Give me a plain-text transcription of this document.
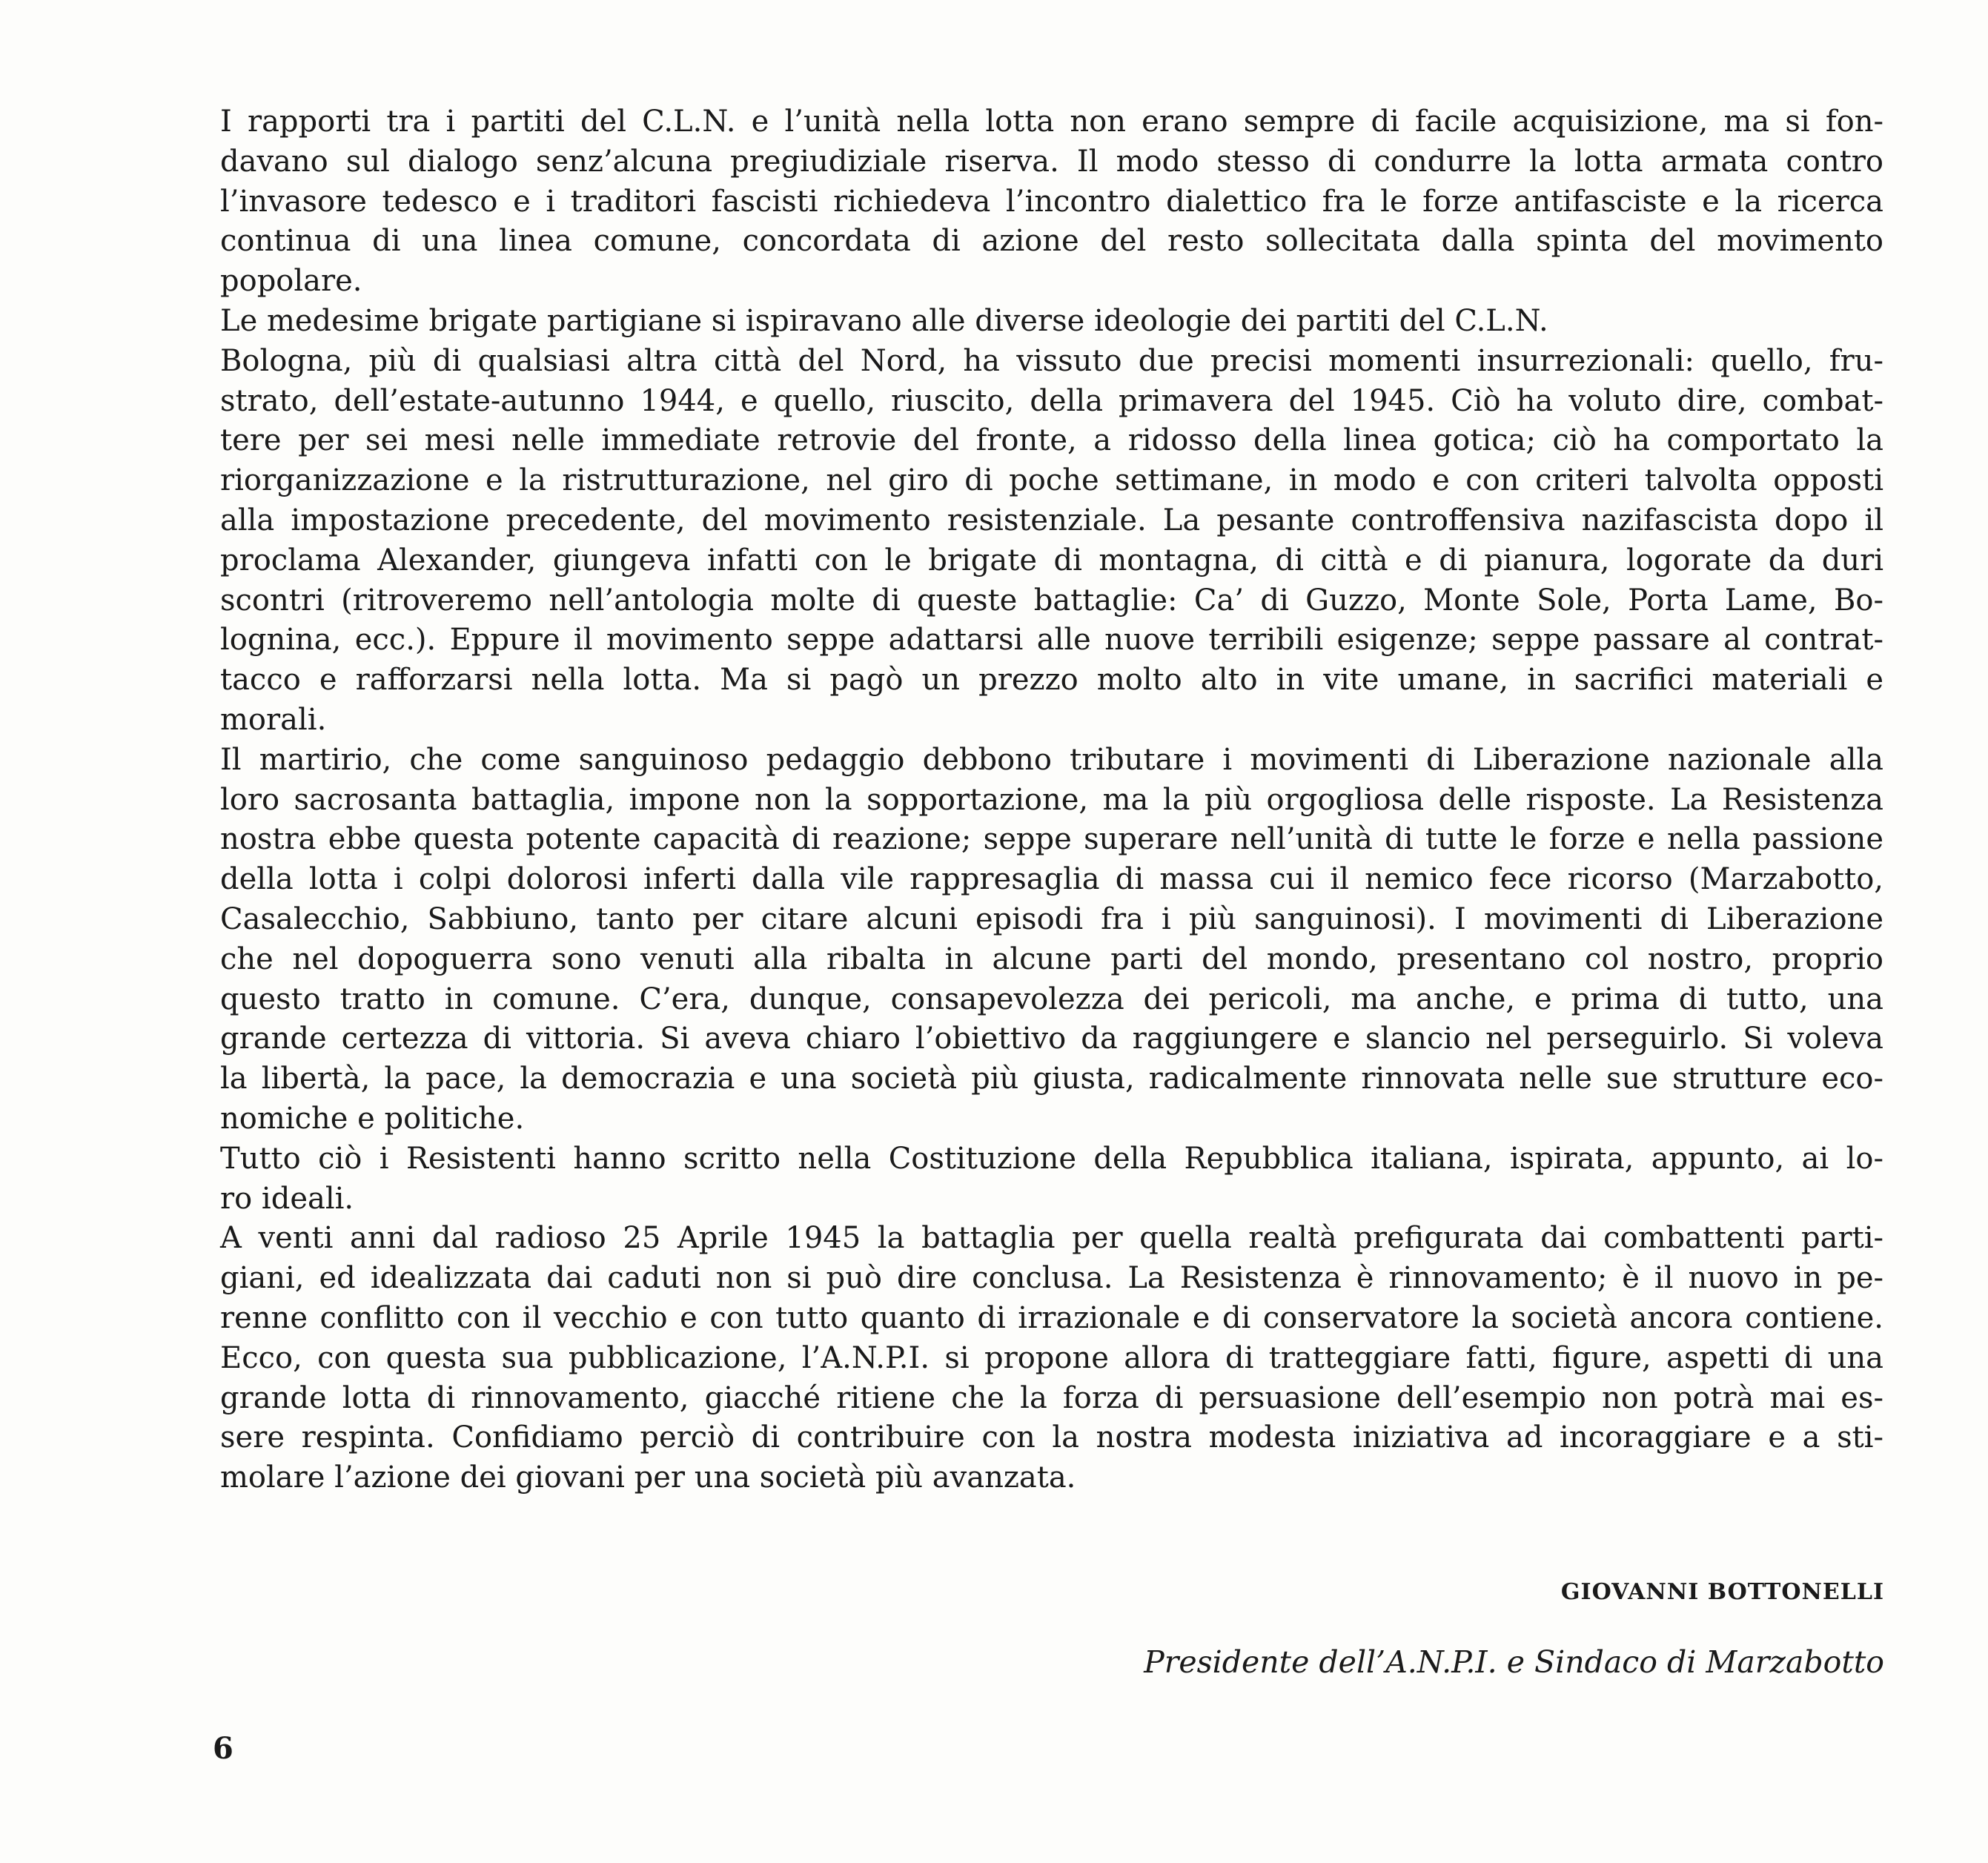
I rapporti tra i partiti del C.L.N. e l’unità nella lotta non erano sempre di facile acquisizione, ma si fon-
davano sul dialogo senz’alcuna pregiudiziale riserva. Il modo stesso di condurre la lotta armata contro
l’invasore tedesco e i traditori fascisti richiedeva l’incontro dialettico fra le forze antifasciste e la ricerca
continua di una linea comune, concordata di azione del resto sollecitata dalla spinta del movimento
popolare.
Le medesime brigate partigiane si ispiravano alle diverse ideologie dei partiti del C.L.N.
Bologna, più di qualsiasi altra città del Nord, ha vissuto due precisi momenti insurrezionali: quello, fru-
strato, dell’estate-autunno 1944, e quello, riuscito, della primavera del 1945. Ciò ha voluto dire, combat-
tere per sei mesi nelle immediate retrovie del fronte, a ridosso della linea gotica; ciò ha comportato la
riorganizzazione e la ristrutturazione, nel giro di poche settimane, in modo e con criteri talvolta opposti
alla impostazione precedente, del movimento resistenziale. La pesante controffensiva nazifascista dopo il
proclama Alexander, giungeva infatti con le brigate di montagna, di città e di pianura, logorate da duri
scontri (ritroveremo nell’antologia molte di queste battaglie: Ca’ di Guzzo, Monte Sole, Porta Lame, Bo-
lognina, ecc.). Eppure il movimento seppe adattarsi alle nuove terribili esigenze; seppe passare al contrat-
tacco e rafforzarsi nella lotta. Ma si pagò un prezzo molto alto in vite umane, in sacrifici materiali e
morali.
Il martirio, che come sanguinoso pedaggio debbono tributare i movimenti di Liberazione nazionale alla
loro sacrosanta battaglia, impone non la sopportazione, ma la più orgogliosa delle risposte. La Resistenza
nostra ebbe questa potente capacità di reazione; seppe superare nell’unità di tutte le forze e nella passione
della lotta i colpi dolorosi inferti dalla vile rappresaglia di massa cui il nemico fece ricorso (Marzabotto,
Casalecchio, Sabbiuno, tanto per citare alcuni episodi fra i più sanguinosi). I movimenti di Liberazione
che nel dopoguerra sono venuti alla ribalta in alcune parti del mondo, presentano col nostro, proprio
questo tratto in comune. C’era, dunque, consapevolezza dei pericoli, ma anche, e prima di tutto, una
grande certezza di vittoria. Si aveva chiaro l’obiettivo da raggiungere e slancio nel perseguirlo. Si voleva
la libertà, la pace, la democrazia e una società più giusta, radicalmente rinnovata nelle sue strutture eco-
nomiche e politiche.
Tutto ciò i Resistenti hanno scritto nella Costituzione della Repubblica italiana, ispirata, appunto, ai lo-
ro ideali.
A venti anni dal radioso 25 Aprile 1945 la battaglia per quella realtà prefigurata dai combattenti parti-
giani, ed idealizzata dai caduti non si può dire conclusa. La Resistenza è rinnovamento; è il nuovo in pe-
renne conflitto con il vecchio e con tutto quanto di irrazionale e di conservatore la società ancora contiene.
Ecco, con questa sua pubblicazione, l’A.N.P.I. si propone allora di tratteggiare fatti, figure, aspetti di una
grande lotta di rinnovamento, giacché ritiene che la forza di persuasione dell’esempio non potrà mai es-
sere respinta. Confidiamo perciò di contribuire con la nostra modesta iniziativa ad incoraggiare e a sti-
molare l’azione dei giovani per una società più avanzata.
GIOVANNI BOTTONELLI
Presidente dell’A.N.P.I. e Sindaco di Marzabotto
6
